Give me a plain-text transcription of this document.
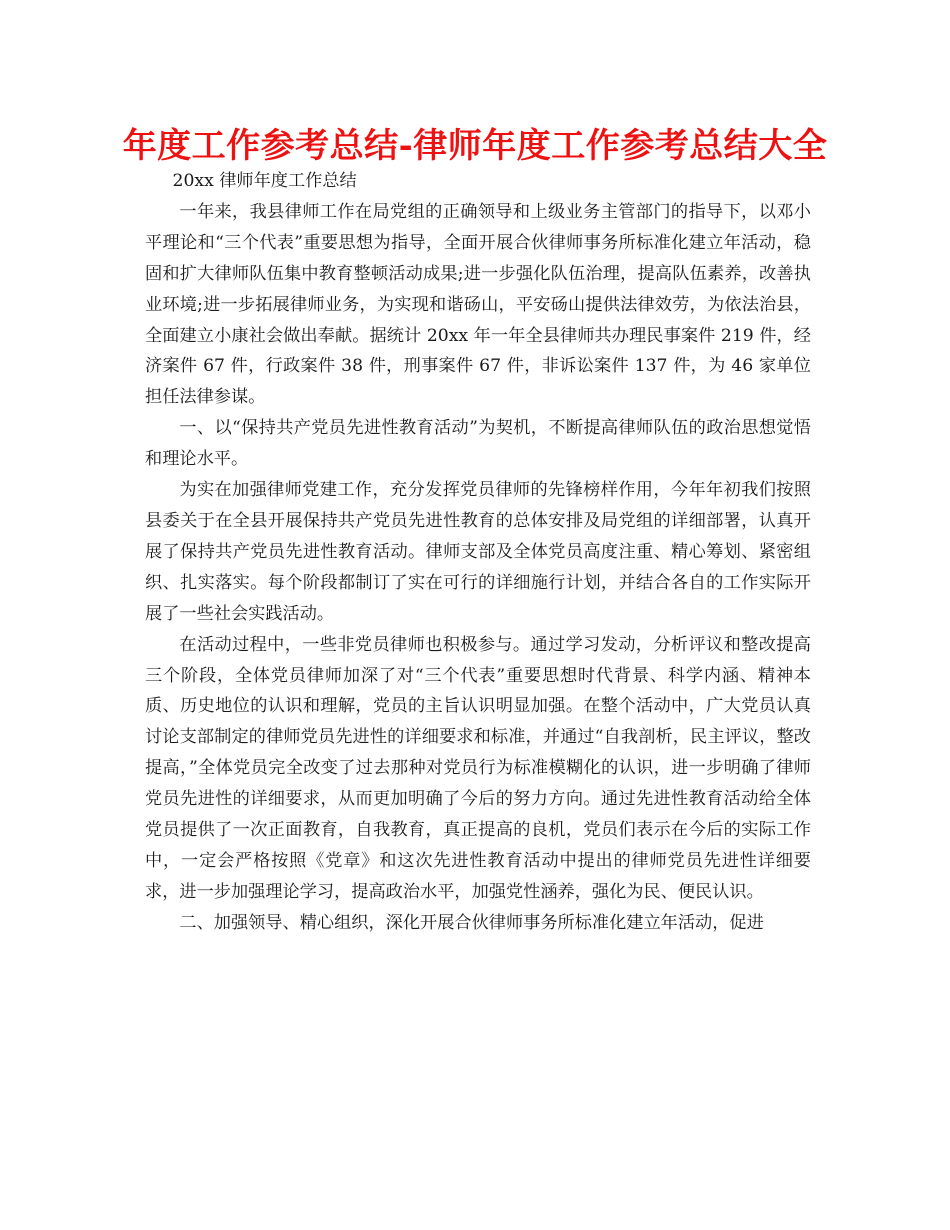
年度工作参考总结-律师年度工作参考总结大全

20xx 律师年度工作总结

一年来，我县律师工作在局党组的正确领导和上级业务主管部门的指导下，以邓小平理论和“三个代表”重要思想为指导，全面开展合伙律师事务所标准化建立年活动，稳固和扩大律师队伍集中教育整顿活动成果;进一步强化队伍治理，提高队伍素养，改善执业环境;进一步拓展律师业务，为实现和谐砀山，平安砀山提供法律效劳，为依法治县，全面建立小康社会做出奉献。据统计 20xx 年一年全县律师共办理民事案件 219 件，经济案件 67 件，行政案件 38 件，刑事案件 67 件，非诉讼案件 137 件，为 46 家单位担任法律参谋。

一、以“保持共产党员先进性教育活动”为契机，不断提高律师队伍的政治思想觉悟和理论水平。

为实在加强律师党建工作，充分发挥党员律师的先锋榜样作用，今年年初我们按照县委关于在全县开展保持共产党员先进性教育的总体安排及局党组的详细部署，认真开展了保持共产党员先进性教育活动。律师支部及全体党员高度注重、精心筹划、紧密组织、扎实落实。每个阶段都制订了实在可行的详细施行计划，并结合各自的工作实际开展了一些社会实践活动。

在活动过程中，一些非党员律师也积极参与。通过学习发动，分析评议和整改提高三个阶段，全体党员律师加深了对“三个代表”重要思想时代背景、科学内涵、精神本质、历史地位的认识和理解，党员的主旨认识明显加强。在整个活动中，广大党员认真讨论支部制定的律师党员先进性的详细要求和标准，并通过“自我剖析，民主评议，整改提高，”全体党员完全改变了过去那种对党员行为标准模糊化的认识，进一步明确了律师党员先进性的详细要求，从而更加明确了今后的努力方向。通过先进性教育活动给全体党员提供了一次正面教育，自我教育，真正提高的良机，党员们表示在今后的实际工作中，一定会严格按照《党章》和这次先进性教育活动中提出的律师党员先进性详细要求，进一步加强理论学习，提高政治水平，加强党性涵养，强化为民、便民认识。

二、加强领导、精心组织，深化开展合伙律师事务所标准化建立年活动，促进
